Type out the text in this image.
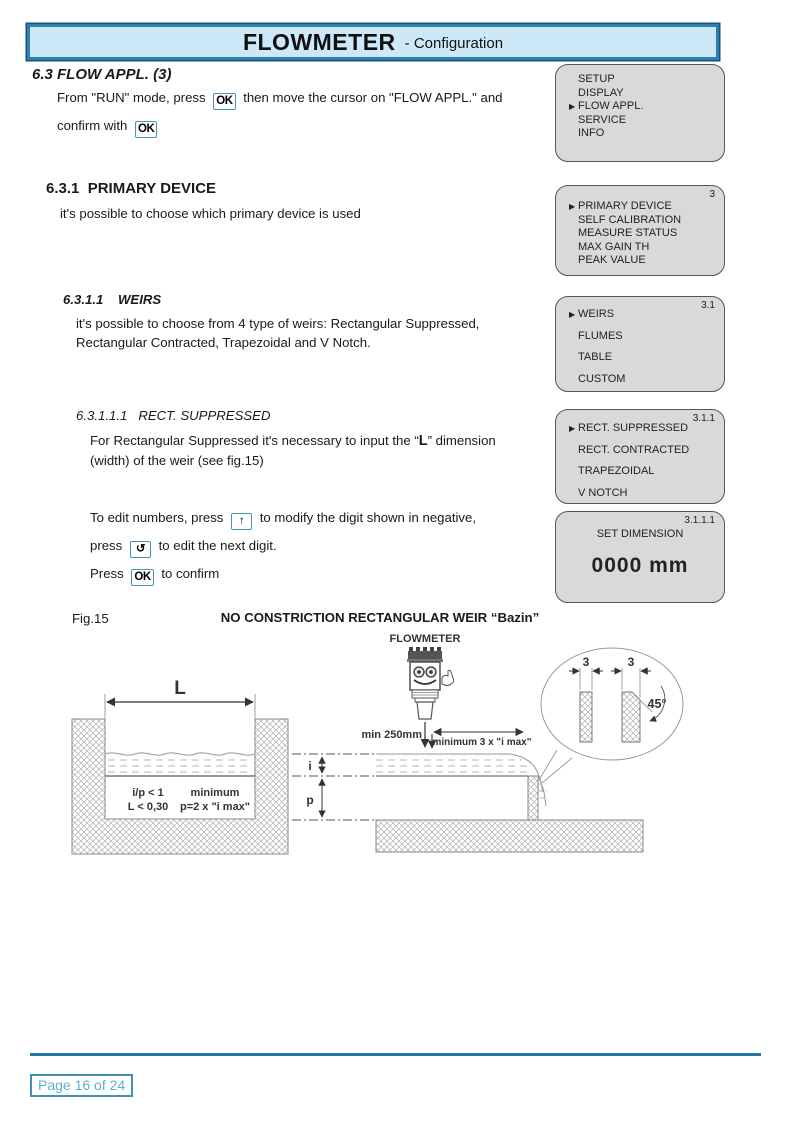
FLOWMETER - Configuration
6.3 FLOW APPL. (3)
From "RUN" mode, press OK then move the cursor on "FLOW APPL." and
confirm with OK
SETUP
DISPLAY
▶ FLOW APPL.
SERVICE
INFO
6.3.1  PRIMARY DEVICE
it's possible to choose which primary device is used
3
▶ PRIMARY DEVICE
SELF CALIBRATION
MEASURE STATUS
MAX GAIN TH
PEAK VALUE
6.3.1.1    WEIRS
it's possible to choose from 4 type of weirs: Rectangular Suppressed, Rectangular Contracted, Trapezoidal and V Notch.
3.1
▶ WEIRS
FLUMES
TABLE
CUSTOM
6.3.1.1.1   RECT. SUPPRESSED
For Rectangular Suppressed it's necessary to input the “L” dimension
(width) of the weir (see fig.15)
3.1.1
▶ RECT. SUPPRESSED
RECT. CONTRACTED
TRAPEZOIDAL
V NOTCH
To edit numbers, press ↑ to modify the digit shown in negative,
press ↺ to edit the next digit.
Press OK to confirm
3.1.1.1
SET DIMENSION
0000 mm
Fig.15	NO CONSTRICTION RECTANGULAR WEIR “Bazin”
L
i/p < 1
L < 0,30
minimum
p=2 x "i max"
i
p
FLOWMETER
min 250mm
minimum 3 x "i max"
3	3
45°
Page 16 of 24
